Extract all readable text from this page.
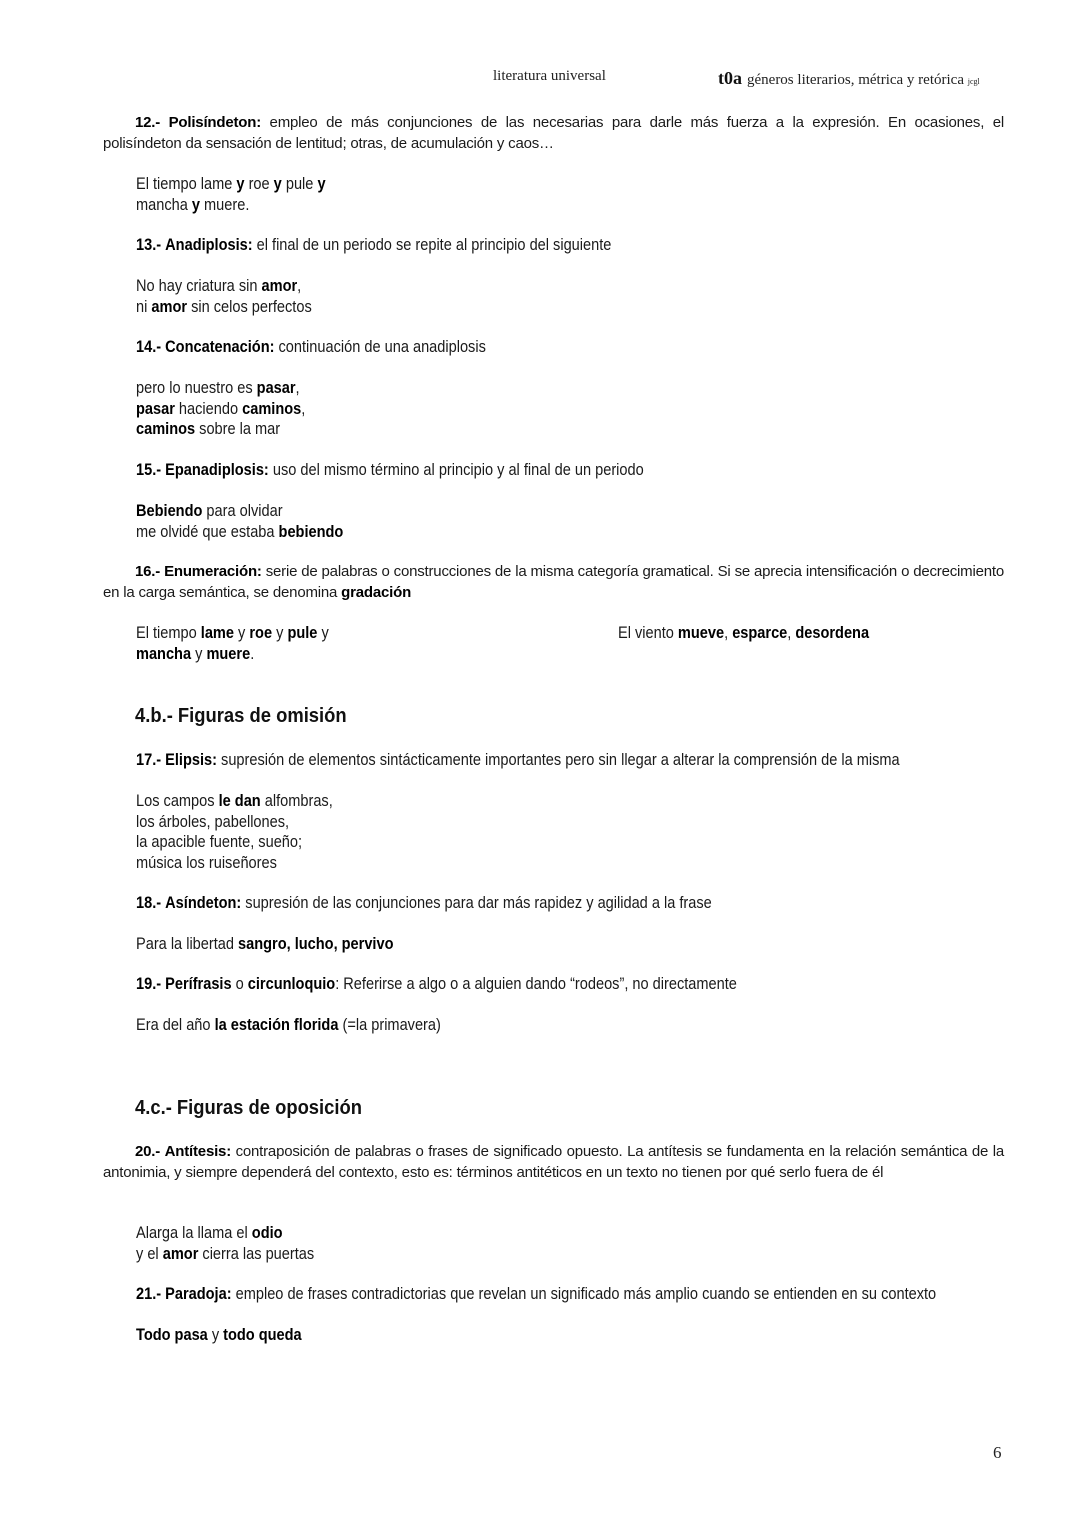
literatura universal	t0a géneros literarios, métrica y retórica jcgl
12.- Polisíndeton: empleo de más conjunciones de las necesarias para darle más fuerza a la expresión. En ocasiones, el polisíndeton da sensación de lentitud; otras, de acumulación y caos…
El tiempo lame y roe y pule y
mancha y muere.
13.- Anadiplosis: el final de un periodo se repite al principio del siguiente
No hay criatura sin amor,
ni amor sin celos perfectos
14.- Concatenación: continuación de una anadiplosis
pero lo nuestro es pasar,
pasar haciendo caminos,
caminos sobre la mar
15.- Epanadiplosis: uso del mismo término al principio y al final de un periodo
Bebiendo para olvidar
me olvidé que estaba bebiendo
16.- Enumeración: serie de palabras o construcciones de la misma categoría gramatical. Si se aprecia intensificación o decrecimiento en la carga semántica, se denomina gradación
El tiempo lame y roe y pule y
mancha y muere.
El viento mueve, esparce, desordena
4.b.- Figuras de omisión
17.- Elipsis: supresión de elementos sintácticamente importantes pero sin llegar a alterar la comprensión de la misma
Los campos le dan alfombras,
los árboles, pabellones,
la apacible fuente, sueño;
música los ruiseñores
18.- Asíndeton: supresión de las conjunciones para dar más rapidez y agilidad a la frase
Para la libertad sangro, lucho, pervivo
19.- Perífrasis o circunloquio: Referirse a algo o a alguien dando “rodeos”, no directamente
Era del año la estación florida (=la primavera)
4.c.- Figuras de oposición
20.- Antítesis: contraposición de palabras o frases de significado opuesto. La antítesis se fundamenta en la relación semántica de la antonimia, y siempre dependerá del contexto, esto es: términos antitéticos en un texto no tienen por qué serlo fuera de él
Alarga la llama el odio
y el amor cierra las puertas
21.- Paradoja: empleo de frases contradictorias que revelan un significado más amplio cuando se entienden en su contexto
Todo pasa y todo queda
6
